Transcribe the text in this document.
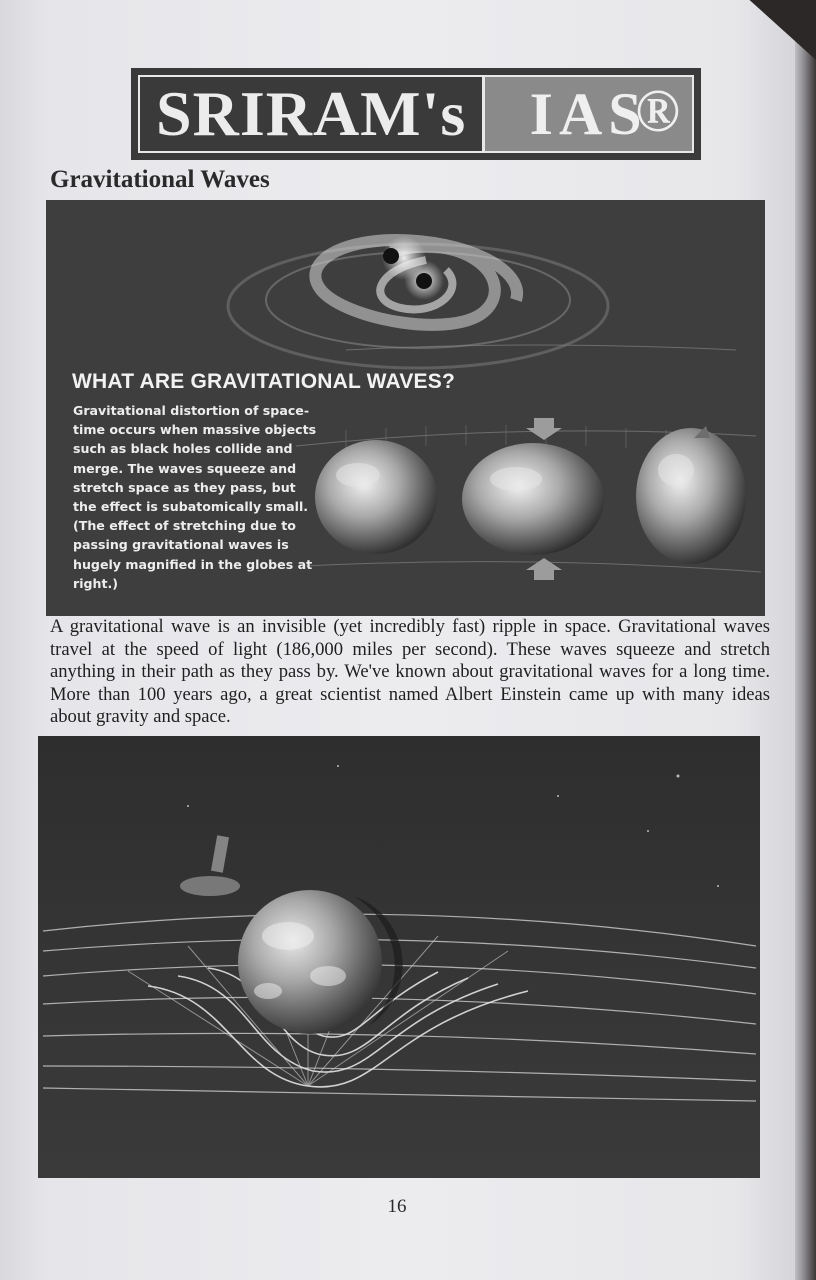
SRIRAM's IAS
®
Gravitational Waves
WHAT ARE GRAVITATIONAL WAVES?

Gravitational distortion of space-time occurs when massive objects such as black holes collide and merge. The waves squeeze and stretch space as they pass, but the effect is subatomically small. (The effect of stretching due to passing gravitational waves is hugely magnified in the globes at right.)

A gravitational wave is an invisible (yet incredibly fast) ripple in space. Gravitational waves travel at the speed of light (186,000 miles per second). These waves squeeze and stretch anything in their path as they pass by. We've known about gravitational waves for a long time. More than 100 years ago, a great scientist named Albert Einstein came up with many ideas about gravity and space.

16
